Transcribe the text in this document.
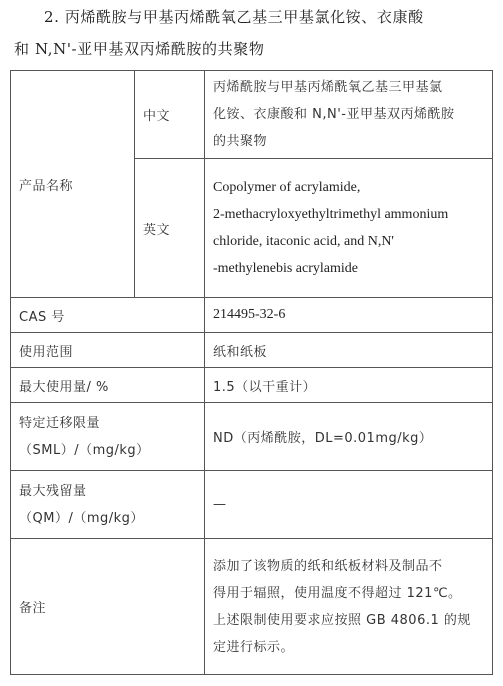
2. 丙烯酰胺与甲基丙烯酰氧乙基三甲基氯化铵、衣康酸
和 N,N'-亚甲基双丙烯酰胺的共聚物
产品名称	中文	丙烯酰胺与甲基丙烯酰氧乙基三甲基氯
化铵、衣康酸和 N,N'-亚甲基双丙烯酰胺
的共聚物

	英文	Copolymer of acrylamide,
2-methacryloxyethyltrimethyl ammonium
chloride, itaconic acid, and N,N'
-methylenebis acrylamide

CAS 号		214495-32-6
使用范围		纸和纸板
最大使用量/ %		1.5（以干重计）

特定迁移限量
（SML）/（mg/kg）		ND（丙烯酰胺，DL=0.01mg/kg）

最大残留量
（QM）/（mg/kg）		—
备注		添加了该物质的纸和纸板材料及制品不
得用于辐照，使用温度不得超过 121℃。
上述限制使用要求应按照 GB 4806.1 的规
定进行标示。
